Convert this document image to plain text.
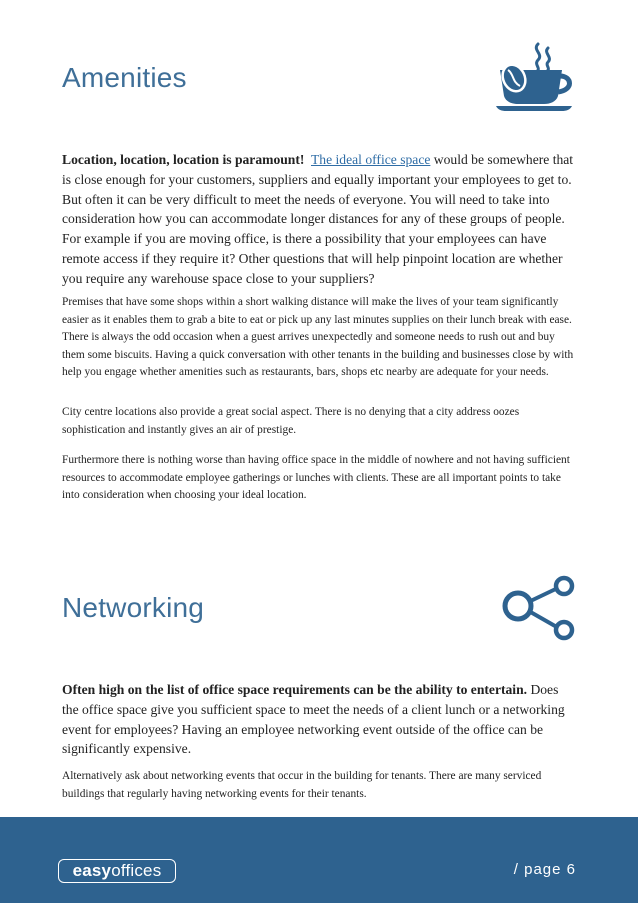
Amenities

Location, location, location is paramount! The ideal office space would be somewhere that is close enough for your customers, suppliers and equally important your employees to get to. But often it can be very difficult to meet the needs of everyone. You will need to take into consideration how you can accommodate longer distances for any of these groups of people. For example if you are moving office, is there a possibility that your employees can have remote access if they require it? Other questions that will help pinpoint location are whether you require any warehouse space close to your suppliers?

Premises that have some shops within a short walking distance will make the lives of your team significantly easier as it enables them to grab a bite to eat or pick up any last minutes supplies on their lunch break with ease. There is always the odd occasion when a guest arrives unexpectedly and someone needs to rush out and buy them some biscuits. Having a quick conversation with other tenants in the building and businesses close by with help you engage whether amenities such as restaurants, bars, shops etc nearby are adequate for your needs.

City centre locations also provide a great social aspect. There is no denying that a city address oozes sophistication and instantly gives an air of prestige.

Furthermore there is nothing worse than having office space in the middle of nowhere and not having sufficient resources to accommodate employee gatherings or lunches with clients. These are all important points to take into consideration when choosing your ideal location.

Networking

Often high on the list of office space requirements can be the ability to entertain. Does the office space give you sufficient space to meet the needs of a client lunch or a networking event for employees? Having an employee networking event outside of the office can be significantly expensive.

Alternatively ask about networking events that occur in the building for tenants. There are many serviced buildings that regularly having networking events for their tenants.

easyoffices	/ page 6
